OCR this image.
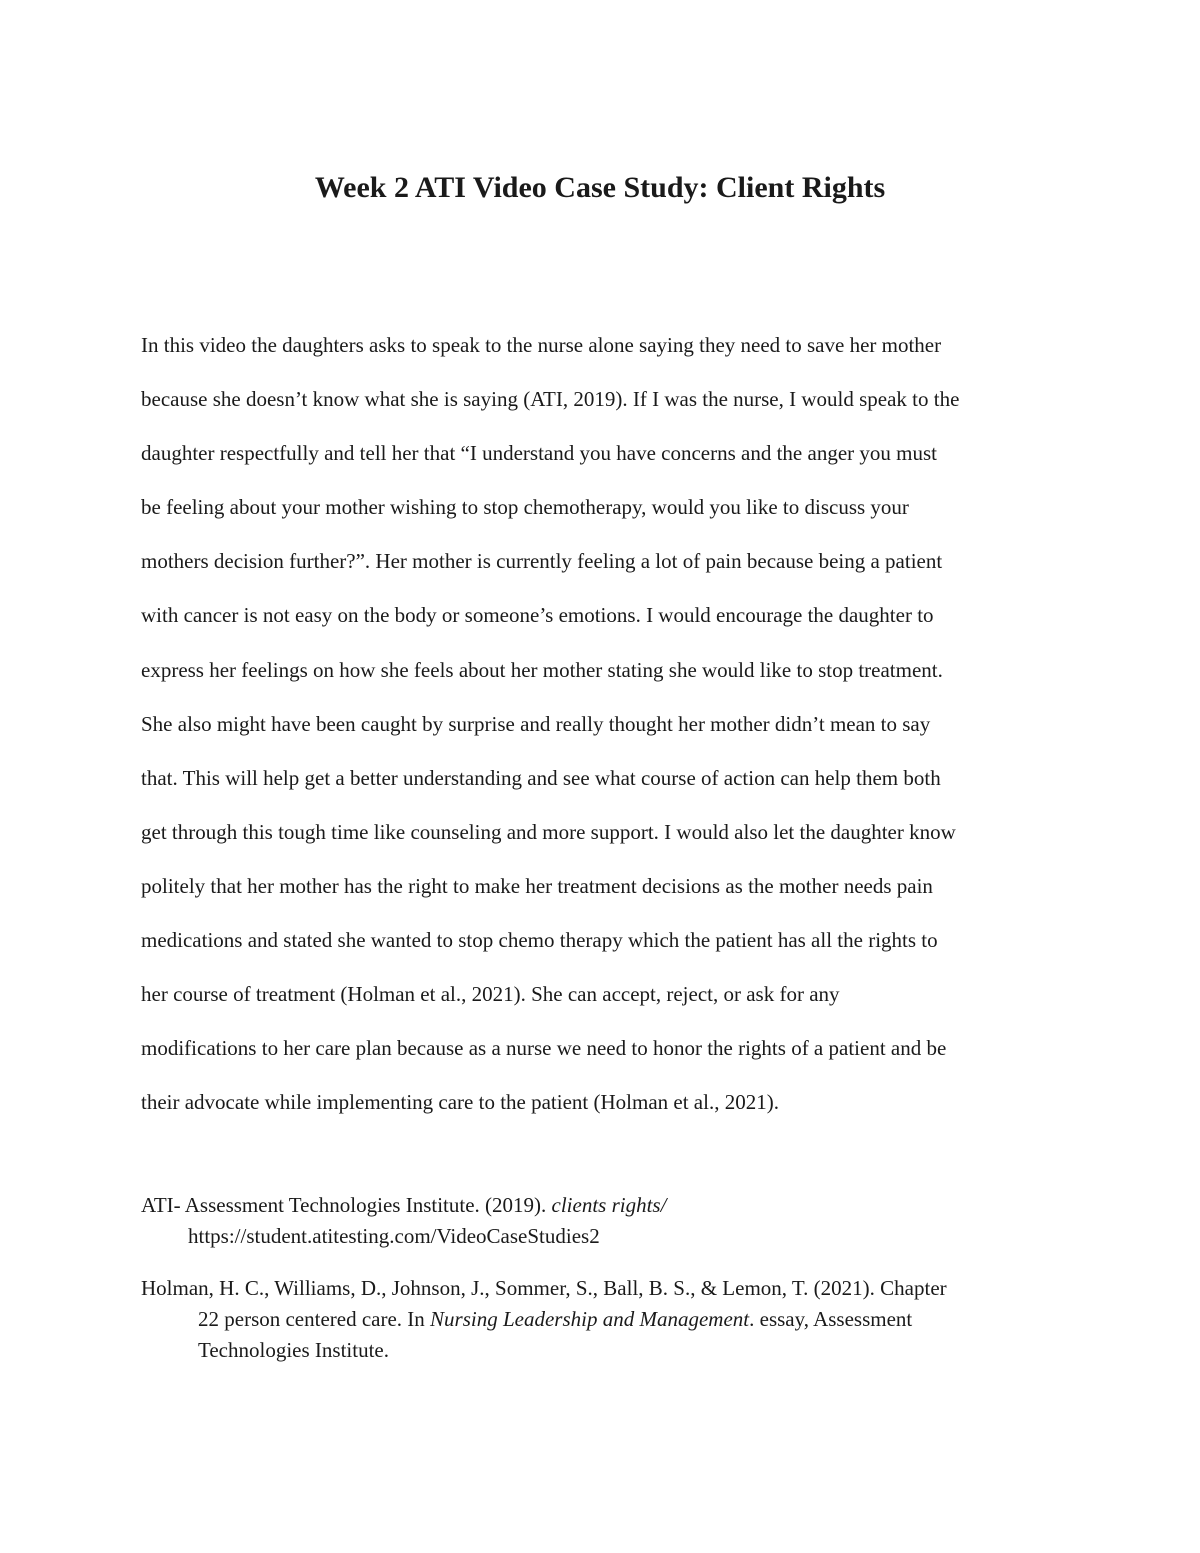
Week 2 ATI Video Case Study: Client Rights

In this video the daughters asks to speak to the nurse alone saying they need to save her mother
because she doesn’t know what she is saying (ATI, 2019). If I was the nurse, I would speak to the
daughter respectfully and tell her that “I understand you have concerns and the anger you must
be feeling about your mother wishing to stop chemotherapy, would you like to discuss your
mothers decision further?”. Her mother is currently feeling a lot of pain because being a patient
with cancer is not easy on the body or someone’s emotions. I would encourage the daughter to
express her feelings on how she feels about her mother stating she would like to stop treatment.
She also might have been caught by surprise and really thought her mother didn’t mean to say
that. This will help get a better understanding and see what course of action can help them both
get through this tough time like counseling and more support. I would also let the daughter know
politely that her mother has the right to make her treatment decisions as the mother needs pain
medications and stated she wanted to stop chemo therapy which the patient has all the rights to
her course of treatment (Holman et al., 2021). She can accept, reject, or ask for any
modifications to her care plan because as a nurse we need to honor the rights of a patient and be
their advocate while implementing care to the patient (Holman et al., 2021).

ATI- Assessment Technologies Institute. (2019). clients rights/
https://student.atitesting.com/VideoCaseStudies2

Holman, H. C., Williams, D., Johnson, J., Sommer, S., Ball, B. S., & Lemon, T. (2021). Chapter
22 person centered care. In Nursing Leadership and Management. essay, Assessment
Technologies Institute.
